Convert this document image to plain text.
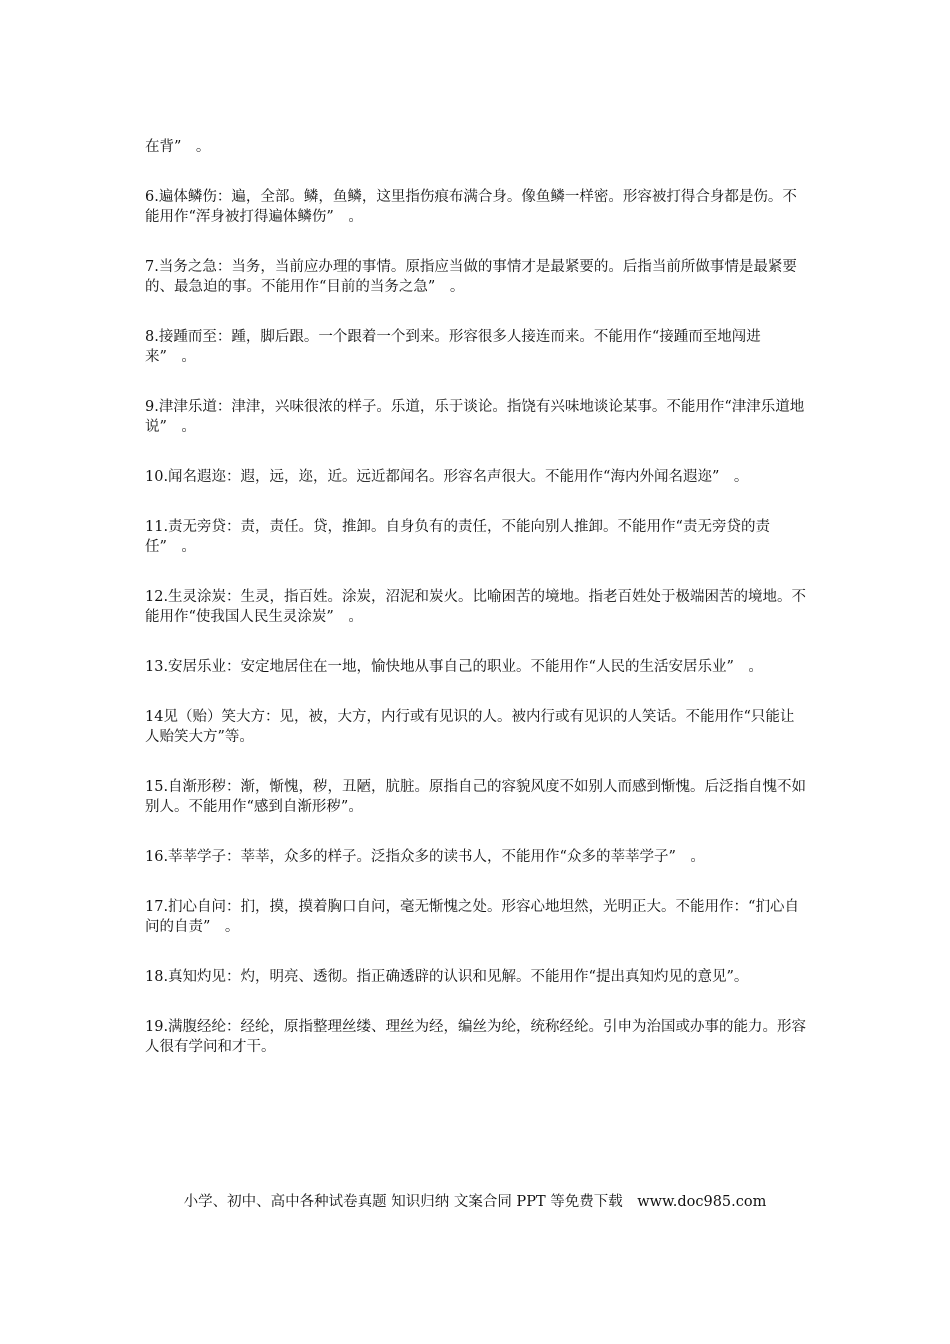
在背”　。

6.遍体鳞伤：遍，全部。鳞，鱼鳞，这里指伤痕布满合身。像鱼鳞一样密。形容被打得合身都是伤。不能用作“浑身被打得遍体鳞伤”　。

7.当务之急：当务，当前应办理的事情。原指应当做的事情才是最紧要的。后指当前所做事情是最紧要的、最急迫的事。不能用作“目前的当务之急”　。

8.接踵而至：踵，脚后跟。一个跟着一个到来。形容很多人接连而来。不能用作“接踵而至地闯进来”　。

9.津津乐道：津津，兴味很浓的样子。乐道，乐于谈论。指饶有兴味地谈论某事。不能用作“津津乐道地说”　。

10.闻名遐迩：遐，远，迩，近。远近都闻名。形容名声很大。不能用作“海内外闻名遐迩”　。

11.责无旁贷：责，责任。贷，推卸。自身负有的责任，不能向别人推卸。不能用作“责无旁贷的责任”　。

12.生灵涂炭：生灵，指百姓。涂炭，沼泥和炭火。比喻困苦的境地。指老百姓处于极端困苦的境地。不能用作“使我国人民生灵涂炭”　。

13.安居乐业：安定地居住在一地，愉快地从事自己的职业。不能用作“人民的生活安居乐业”　。

14见（贻）笑大方：见，被，大方，内行或有见识的人。被内行或有见识的人笑话。不能用作“只能让人贻笑大方”等。

15.自渐形秽：渐，惭愧，秽，丑陋，肮脏。原指自己的容貌风度不如别人而感到惭愧。后泛指自愧不如别人。不能用作“感到自渐形秽”。

16.莘莘学子：莘莘，众多的样子。泛指众多的读书人，不能用作“众多的莘莘学子”　。

17.扪心自问：扪，摸，摸着胸口自问，毫无惭愧之处。形容心地坦然，光明正大。不能用作：“扪心自问的自责”　。

18.真知灼见：灼，明亮、透彻。指正确透辟的认识和见解。不能用作“提出真知灼见的意见”。

19.满腹经纶：经纶，原指整理丝缕、理丝为经，编丝为纶，统称经纶。引申为治国或办事的能力。形容人很有学问和才干。

小学、初中、高中各种试卷真题 知识归纳 文案合同 PPT 等免费下载　www.doc985.com
